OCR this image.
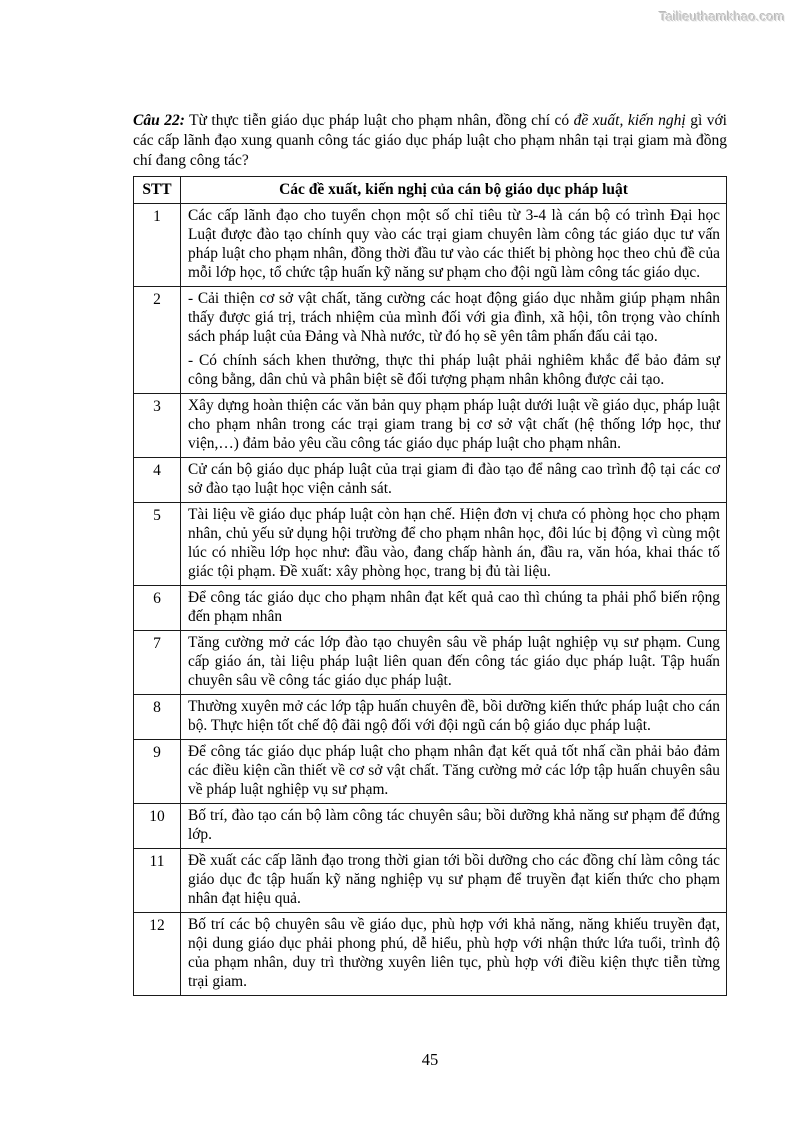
Tailieuthamkhao.com

Câu 22: Từ thực tiễn giáo dục pháp luật cho phạm nhân, đồng chí có đề xuất, kiến nghị gì với các cấp lãnh đạo xung quanh công tác giáo dục pháp luật cho phạm nhân tại trại giam mà đồng chí đang công tác?

STT	Các đề xuất, kiến nghị của cán bộ giáo dục pháp luật
1	Các cấp lãnh đạo cho tuyển chọn một số chỉ tiêu từ 3-4 là cán bộ có trình Đại học Luật được đào tạo chính quy vào các trại giam chuyên làm công tác giáo dục tư vấn pháp luật cho phạm nhân, đồng thời đầu tư vào các thiết bị phòng học theo chủ đề của mỗi lớp học, tổ chức tập huấn kỹ năng sư phạm cho đội ngũ làm công tác giáo dục.

2	- Cải thiện cơ sở vật chất, tăng cường các hoạt động giáo dục nhằm giúp phạm nhân thấy được giá trị, trách nhiệm của mình đối với gia đình, xã hội, tôn trọng vào chính sách pháp luật của Đảng và Nhà nước, từ đó họ sẽ yên tâm phấn đấu cải tạo.

- Có chính sách khen thưởng, thực thi pháp luật phải nghiêm khắc để bảo đảm sự công bằng, dân chủ và phân biệt sẽ đối tượng phạm nhân không được cải tạo.

3	Xây dựng hoàn thiện các văn bản quy phạm pháp luật dưới luật về giáo dục, pháp luật cho phạm nhân trong các trại giam trang bị cơ sở vật chất (hệ thống lớp học, thư viện,…) đảm bảo yêu cầu công tác giáo dục pháp luật cho phạm nhân.

4	Cử cán bộ giáo dục pháp luật của trại giam đi đào tạo để nâng cao trình độ tại các cơ sở đào tạo luật học viện cảnh sát.

5	Tài liệu về giáo dục pháp luật còn hạn chế. Hiện đơn vị chưa có phòng học cho phạm nhân, chủ yếu sử dụng hội trường để cho phạm nhân học, đôi lúc bị động vì cùng một lúc có nhiều lớp học như: đầu vào, đang chấp hành án, đầu ra, văn hóa, khai thác tố giác tội phạm. Đề xuất: xây phòng học, trang bị đủ tài liệu.

6	Để công tác giáo dục cho phạm nhân đạt kết quả cao thì chúng ta phải phổ biến rộng đến phạm nhân

7	Tăng cường mở các lớp đào tạo chuyên sâu về pháp luật nghiệp vụ sư phạm. Cung cấp giáo án, tài liệu pháp luật liên quan đến công tác giáo dục pháp luật. Tập huấn chuyên sâu về công tác giáo dục pháp luật.

8	Thường xuyên mở các lớp tập huấn chuyên đề, bồi dưỡng kiến thức pháp luật cho cán bộ. Thực hiện tốt chế độ đãi ngộ đối với đội ngũ cán bộ giáo dục pháp luật.

9	Để công tác giáo dục pháp luật cho phạm nhân đạt kết quả tốt nhấ cần phải bảo đảm các điều kiện cần thiết về cơ sở vật chất. Tăng cường mở các lớp tập huấn chuyên sâu về pháp luật nghiệp vụ sư phạm.

10	Bố trí, đào tạo cán bộ làm công tác chuyên sâu; bồi dưỡng khả năng sư phạm để đứng lớp.

11	Đề xuất các cấp lãnh đạo trong thời gian tới bồi dưỡng cho các đồng chí làm công tác giáo dục đc tập huấn kỹ năng nghiệp vụ sư phạm để truyền đạt kiến thức cho phạm nhân đạt hiệu quả.

12	Bố trí các bộ chuyên sâu về giáo dục, phù hợp với khả năng, năng khiếu truyền đạt, nội dung giáo dục phải phong phú, dễ hiểu, phù hợp với nhận thức lứa tuổi, trình độ của phạm nhân, duy trì thường xuyên liên tục, phù hợp với điều kiện thực tiễn từng trại giam.

45
